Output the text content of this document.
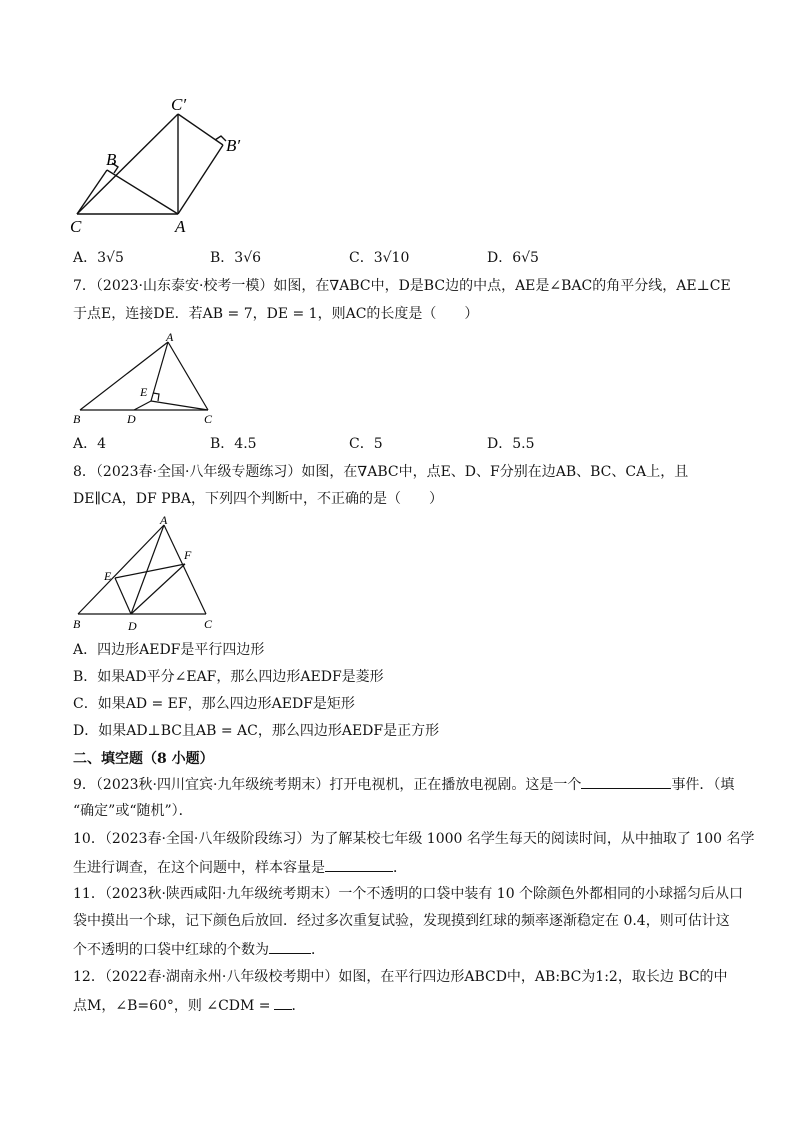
C′
B′
B
C	A
A．3√5	B．3√6	C．3√10	D．6√5
7．（2023·山东泰安·校考一模）如图，在∇ABC中，D是BC边的中点，AE是∠BAC的角平分线，AE⊥CE
于点E，连接DE．若AB = 7，DE = 1，则AC的长度是（　　）
A
E
B	D	C
A．4	B．4.5	C．5	D．5.5
8．（2023春·全国·八年级专题练习）如图，在∇ABC中，点E、D、F分别在边AB、BC、CA上，且
DE∥CA，DF PBA，下列四个判断中，不正确的是（　　）
A
F
E
B	D	C
A．四边形AEDF是平行四边形
B．如果AD平分∠EAF，那么四边形AEDF是菱形
C．如果AD = EF，那么四边形AEDF是矩形
D．如果AD⊥BC且AB = AC，那么四边形AEDF是正方形
二、填空题（8 小题）
9．（2023秋·四川宜宾·九年级统考期末）打开电视机，正在播放电视剧。这是一个	事件．（填
“确定”或“随机”）．
10．（2023春·全国·八年级阶段练习）为了解某校七年级 1000 名学生每天的阅读时间，从中抽取了 100 名学
生进行调查，在这个问题中，样本容量是	．
11．（2023秋·陕西咸阳·九年级统考期末）一个不透明的口袋中装有 10 个除颜色外都相同的小球摇匀后从口
袋中摸出一个球，记下颜色后放回．经过多次重复试验，发现摸到红球的频率逐渐稳定在 0.4，则可估计这
个不透明的口袋中红球的个数为	．
12．（2022春·湖南永州·八年级校考期中）如图，在平行四边形ABCD中，AB:BC为1:2，取长边 BC的中
点M，∠B=60°，则 ∠CDM = ．
